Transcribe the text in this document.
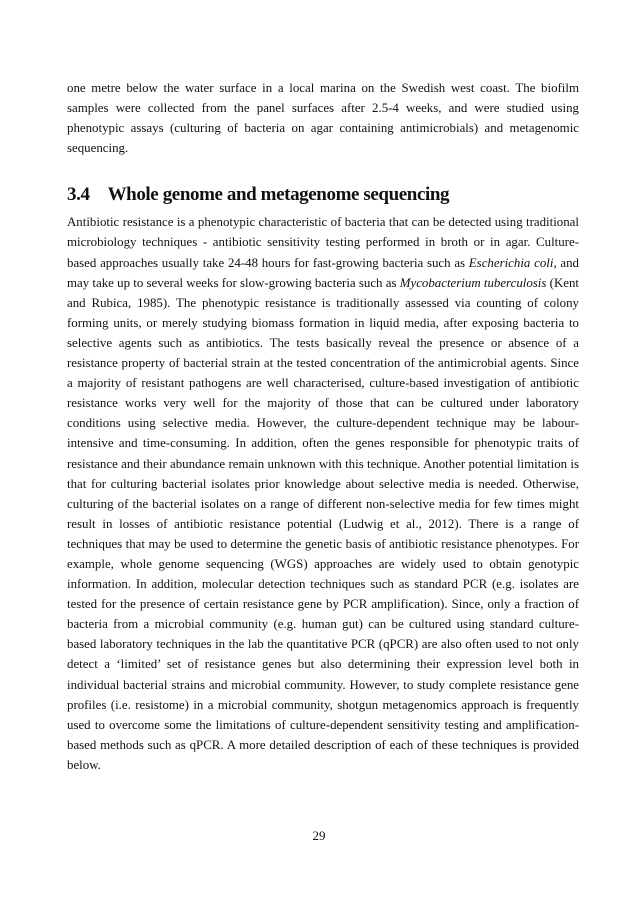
one metre below the water surface in a local marina on the Swedish west coast. The biofilm samples were collected from the panel surfaces after 2.5-4 weeks, and were studied using phenotypic assays (culturing of bacteria on agar containing antimicrobials) and metagenomic sequencing.

3.4 Whole genome and metagenome sequencing

Antibiotic resistance is a phenotypic characteristic of bacteria that can be detected using traditional microbiology techniques - antibiotic sensitivity testing performed in broth or in agar. Culture-based approaches usually take 24-48 hours for fast-growing bacteria such as Escherichia coli, and may take up to several weeks for slow-growing bacteria such as Mycobacterium tuberculosis (Kent and Rubica, 1985). The phenotypic resistance is traditionally assessed via counting of colony forming units, or merely studying biomass formation in liquid media, after exposing bacteria to selective agents such as antibiotics. The tests basically reveal the presence or absence of a resistance property of bacterial strain at the tested concentration of the antimicrobial agents. Since a majority of resistant pathogens are well characterised, culture-based investigation of antibiotic resistance works very well for the majority of those that can be cultured under laboratory conditions using selective media. However, the culture-dependent technique may be labour-intensive and time-consuming. In addition, often the genes responsible for phenotypic traits of resistance and their abundance remain unknown with this technique. Another potential limitation is that for culturing bacterial isolates prior knowledge about selective media is needed. Otherwise, culturing of the bacterial isolates on a range of different non-selective media for few times might result in losses of antibiotic resistance potential (Ludwig et al., 2012). There is a range of techniques that may be used to determine the genetic basis of antibiotic resistance phenotypes. For example, whole genome sequencing (WGS) approaches are widely used to obtain genotypic information. In addition, molecular detection techniques such as standard PCR (e.g. isolates are tested for the presence of certain resistance gene by PCR amplification). Since, only a fraction of bacteria from a microbial community (e.g. human gut) can be cultured using standard culture-based laboratory techniques in the lab the quantitative PCR (qPCR) are also often used to not only detect a ‘limited’ set of resistance genes but also determining their expression level both in individual bacterial strains and microbial community. However, to study complete resistance gene profiles (i.e. resistome) in a microbial community, shotgun metagenomics approach is frequently used to overcome some the limitations of culture-dependent sensitivity testing and amplification-based methods such as qPCR. A more detailed description of each of these techniques is provided below.

29
